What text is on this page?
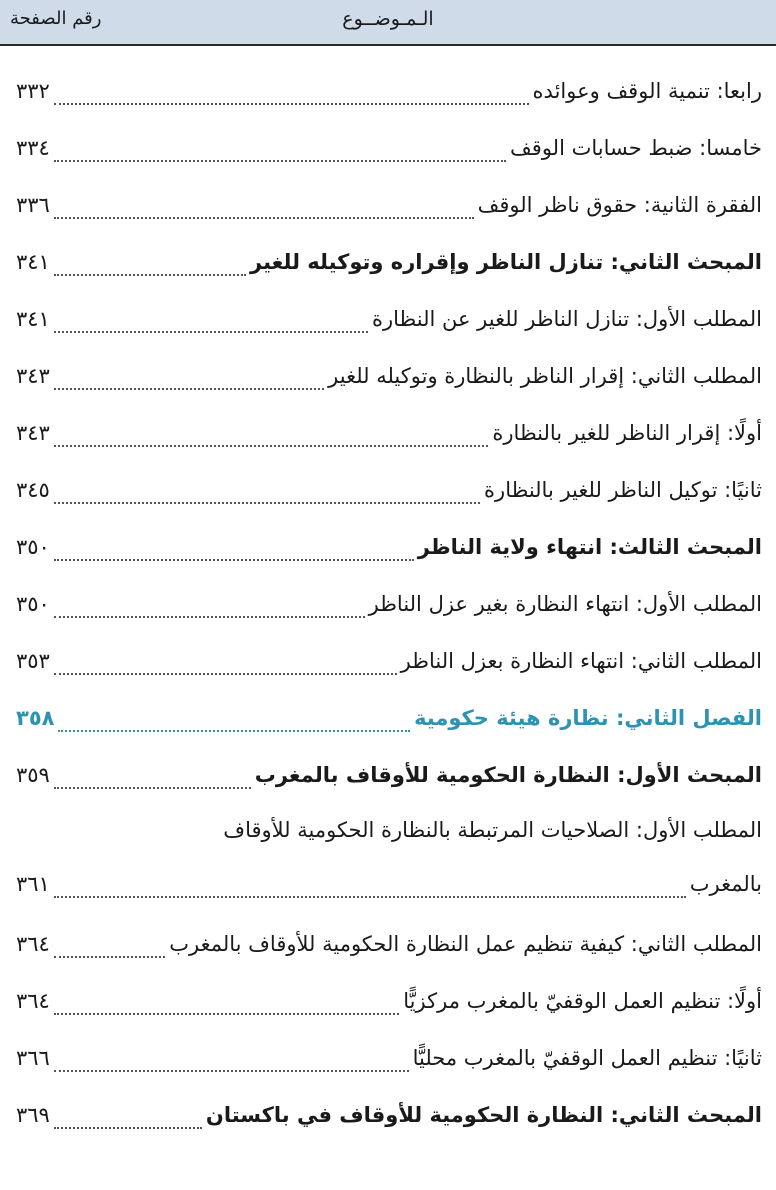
الـمـوضــوع
رقم الصفحة
رابعا: تنمية الوقف وعوائده
٣٣٢
خامسا: ضبط حسابات الوقف
٣٣٤
الفقرة الثانية: حقوق ناظر الوقف
٣٣٦
المبحث الثاني: تنازل الناظر وإقراره وتوكيله للغير
٣٤١
المطلب الأول: تنازل الناظر للغير عن النظارة
٣٤١
المطلب الثاني: إقرار الناظر بالنظارة وتوكيله للغير
٣٤٣
أولًا: إقرار الناظر للغير بالنظارة
٣٤٣
ثانيًا: توكيل الناظر للغير بالنظارة
٣٤٥
المبحث الثالث: انتهاء ولاية الناظر
٣٥٠
المطلب الأول: انتهاء النظارة بغير عزل الناظر
٣٥٠
المطلب الثاني: انتهاء النظارة بعزل الناظر
٣٥٣
الفصل الثاني: نظارة هيئة حكومية
٣٥٨
المبحث الأول: النظارة الحكومية للأوقاف بالمغرب
٣٥٩
المطلب الأول: الصلاحيات المرتبطة بالنظارة الحكومية للأوقاف
بالمغرب
٣٦١
المطلب الثاني: كيفية تنظيم عمل النظارة الحكومية للأوقاف بالمغرب
٣٦٤
أولًا: تنظيم العمل الوقفيّ بالمغرب مركزيًّا
٣٦٤
ثانيًا: تنظيم العمل الوقفيّ بالمغرب محليًّا
٣٦٦
المبحث الثاني: النظارة الحكومية للأوقاف في باكستان
٣٦٩
